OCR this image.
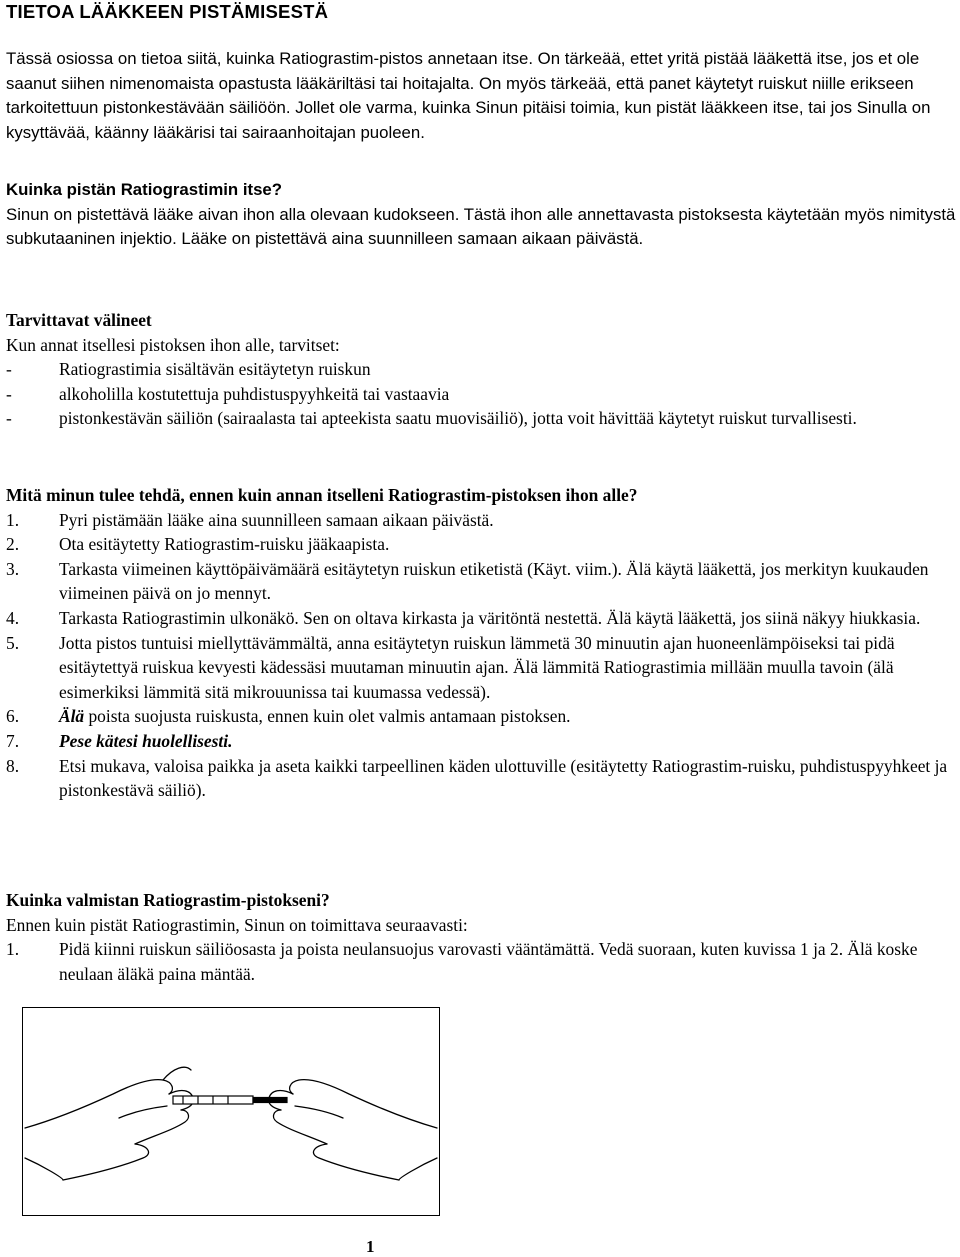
TIETOA LÄÄKKEEN PISTÄMISESTÄ

Tässä osiossa on tietoa siitä, kuinka Ratiograstim-pistos annetaan itse. On tärkeää, ettet yritä pistää lääkettä itse, jos et ole saanut siihen nimenomaista opastusta lääkäriltäsi tai hoitajalta. On myös tärkeää, että panet käytetyt ruiskut niille erikseen tarkoitettuun pistonkestävään säiliöön. Jollet ole varma, kuinka Sinun pitäisi toimia, kun pistät lääkkeen itse, tai jos Sinulla on kysyttävää, käänny lääkärisi tai sairaanhoitajan puoleen.

Kuinka pistän Ratiograstimin itse?

Sinun on pistettävä lääke aivan ihon alla olevaan kudokseen. Tästä ihon alle annettavasta pistoksesta käytetään myös nimitystä subkutaaninen injektio. Lääke on pistettävä aina suunnilleen samaan aikaan päivästä.

Tarvittavat välineet

Kun annat itsellesi pistoksen ihon alle, tarvitset:

-	Ratiograstimia sisältävän esitäytetyn ruiskun
-	alkoholilla kostutettuja puhdistuspyyhkeitä tai vastaavia
-	pistonkestävän säiliön (sairaalasta tai apteekista saatu muovisäiliö), jotta voit hävittää käytetyt ruiskut turvallisesti.

Mitä minun tulee tehdä, ennen kuin annan itselleni Ratiograstim-pistoksen ihon alle?

1. Pyri pistämään lääke aina suunnilleen samaan aikaan päivästä.
2. Ota esitäytetty Ratiograstim-ruisku jääkaapista.
3. Tarkasta viimeinen käyttöpäivämäärä esitäytetyn ruiskun etiketistä (Käyt. viim.). Älä käytä lääkettä, jos merkityn kuukauden viimeinen päivä on jo mennyt.
4. Tarkasta Ratiograstimin ulkonäkö. Sen on oltava kirkasta ja väritöntä nestettä. Älä käytä lääkettä, jos siinä näkyy hiukkasia.
5. Jotta pistos tuntuisi miellyttävämmältä, anna esitäytetyn ruiskun lämmetä 30 minuutin ajan huoneenlämpöiseksi tai pidä esitäytettyä ruiskua kevyesti kädessäsi muutaman minuutin ajan. Älä lämmitä Ratiograstimia millään muulla tavoin (älä esimerkiksi lämmitä sitä mikrouunissa tai kuumassa vedessä).
6. Älä poista suojusta ruiskusta, ennen kuin olet valmis antamaan pistoksen.
7. Pese kätesi huolellisesti.
8. Etsi mukava, valoisa paikka ja aseta kaikki tarpeellinen käden ulottuville (esitäytetty Ratiograstim-ruisku, puhdistuspyyhkeet ja pistonkestävä säiliö).

Kuinka valmistan Ratiograstim-pistokseni?

Ennen kuin pistät Ratiograstimin, Sinun on toimittava seuraavasti:

1. Pidä kiinni ruiskun säiliöosasta ja poista neulansuojus varovasti vääntämättä. Vedä suoraan, kuten kuvissa 1 ja 2. Älä koske neulaan äläkä paina mäntää.
1
